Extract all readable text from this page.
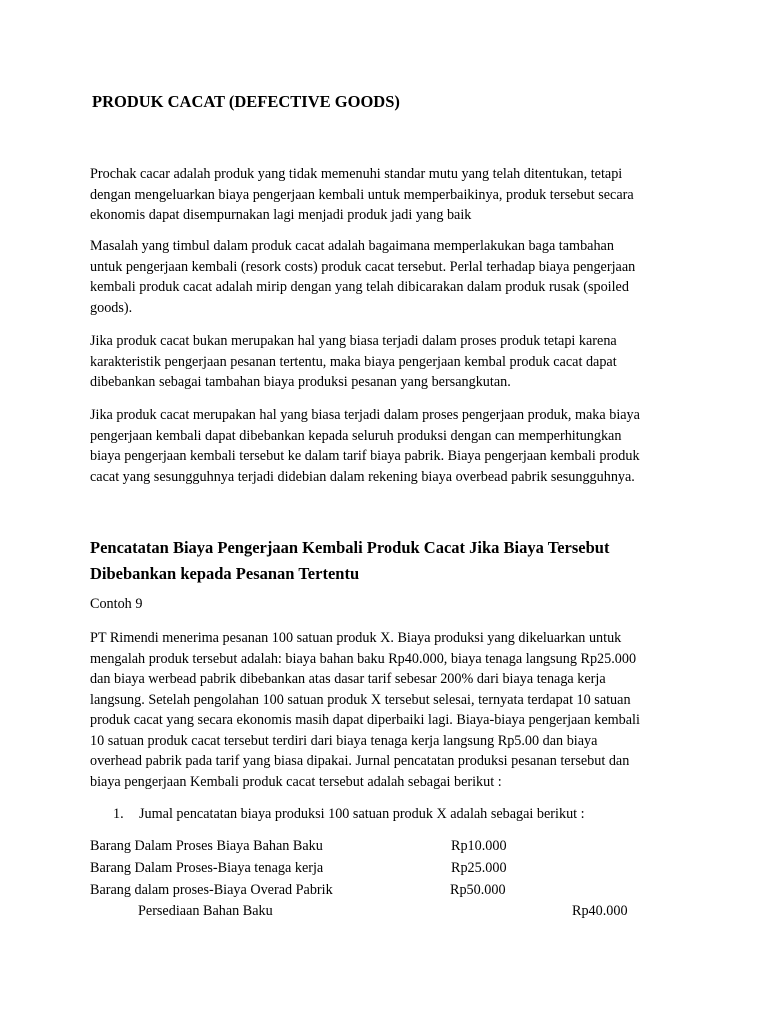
PRODUK CACAT (DEFECTIVE GOODS)
Prochak cacar adalah produk yang tidak memenuhi standar mutu yang telah ditentukan, tetapi
dengan mengeluarkan biaya pengerjaan kembali untuk memperbaikinya, produk tersebut secara
ekonomis dapat disempurnakan lagi menjadi produk jadi yang baik
Masalah yang timbul dalam produk cacat adalah bagaimana memperlakukan baga tambahan
untuk pengerjaan kembali (resork costs) produk cacat tersebut. Perlal terhadap biaya pengerjaan
kembali produk cacat adalah mirip dengan yang telah dibicarakan dalam produk rusak (spoiled
goods).
Jika produk cacat bukan merupakan hal yang biasa terjadi dalam proses produk tetapi karena
karakteristik pengerjaan pesanan tertentu, maka biaya pengerjaan kembal produk cacat dapat
dibebankan sebagai tambahan biaya produksi pesanan yang bersangkutan.
Jika produk cacat merupakan hal yang biasa terjadi dalam proses pengerjaan produk, maka biaya
pengerjaan kembali dapat dibebankan kepada seluruh produksi dengan can memperhitungkan
biaya pengerjaan kembali tersebut ke dalam tarif biaya pabrik. Biaya pengerjaan kembali produk
cacat yang sesungguhnya terjadi didebian dalam rekening biaya overbead pabrik sesungguhnya.
Pencatatan Biaya Pengerjaan Kembali Produk Cacat Jika Biaya Tersebut
Dibebankan kepada Pesanan Tertentu

Contoh 9

PT Rimendi menerima pesanan 100 satuan produk X. Biaya produksi yang dikeluarkan untuk
mengalah produk tersebut adalah: biaya bahan baku Rp40.000, biaya tenaga langsung Rp25.000
dan biaya werbead pabrik dibebankan atas dasar tarif sebesar 200% dari biaya tenaga kerja
langsung. Setelah pengolahan 100 satuan produk X tersebut selesai, ternyata terdapat 10 satuan
produk cacat yang secara ekonomis masih dapat diperbaiki lagi. Biaya-biaya pengerjaan kembali
10 satuan produk cacat tersebut terdiri dari biaya tenaga kerja langsung Rp5.00 dan biaya
overhead pabrik pada tarif yang biasa dipakai. Jurnal pencatatan produksi pesanan tersebut dan
biaya pengerjaan Kembali produk cacat tersebut adalah sebagai berikut :
1. Jumal pencatatan biaya produksi 100 satuan produk X adalah sebagai berikut :
Barang Dalam Proses Biaya Bahan Baku	Rp10.000
Barang Dalam Proses-Biaya tenaga kerja	Rp25.000
Barang dalam proses-Biaya Overad Pabrik	Rp50.000
Persediaan Bahan Baku	Rp40.000
